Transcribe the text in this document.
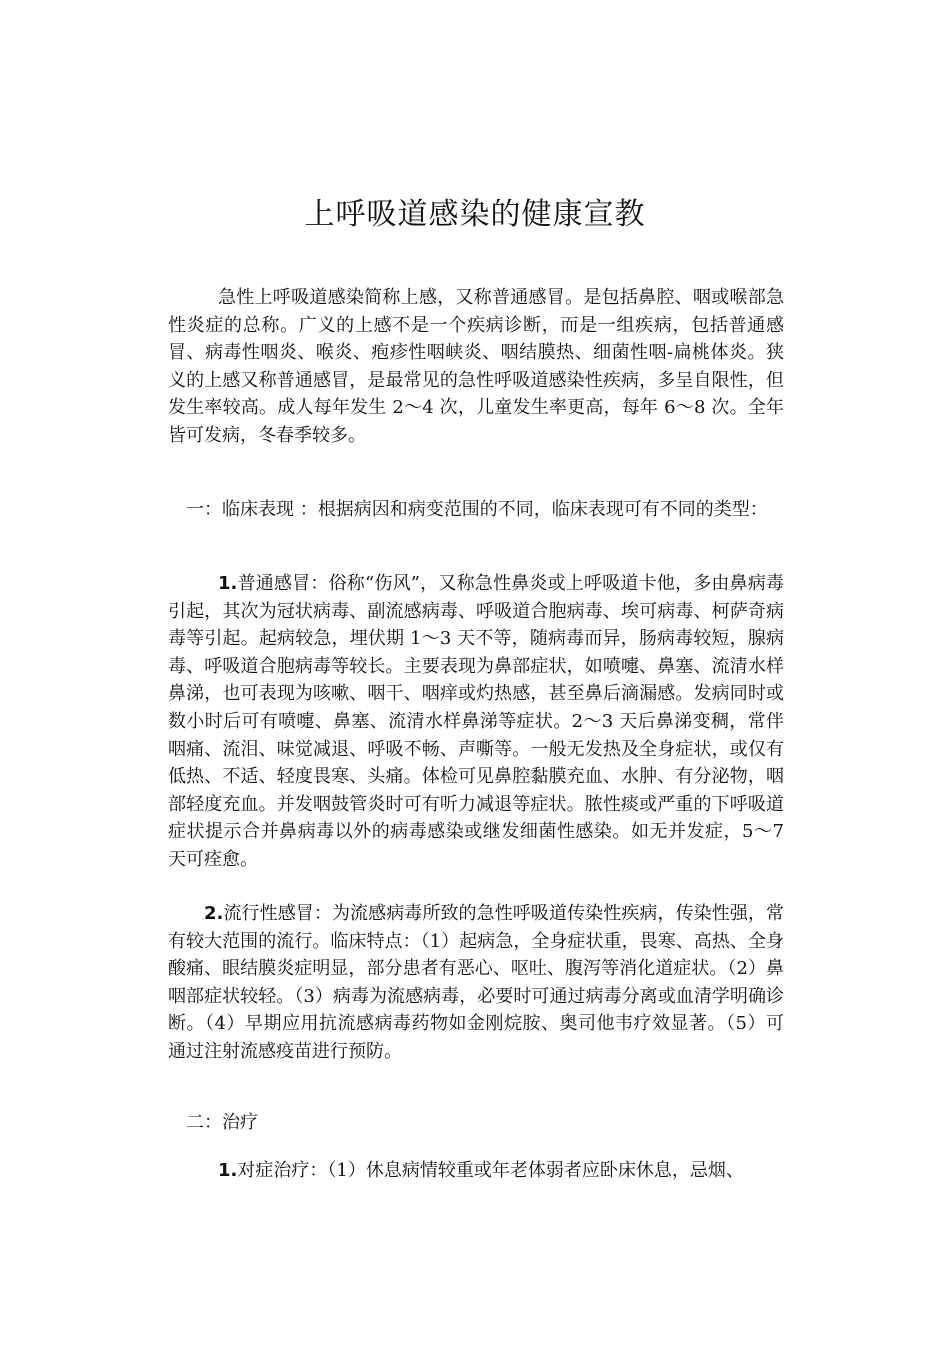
上呼吸道感染的健康宣教

急性上呼吸道感染简称上感，又称普通感冒。是包括鼻腔、咽或喉部急性炎症的总称。广义的上感不是一个疾病诊断，而是一组疾病，包括普通感冒、病毒性咽炎、喉炎、疱疹性咽峡炎、咽结膜热、细菌性咽-扁桃体炎。狭义的上感又称普通感冒，是最常见的急性呼吸道感染性疾病，多呈自限性，但发生率较高。成人每年发生 2～4 次，儿童发生率更高，每年 6～8 次。全年皆可发病，冬春季较多。

一：临床表现 ：根据病因和病变范围的不同，临床表现可有不同的类型：

1.普通感冒：俗称“伤风”，又称急性鼻炎或上呼吸道卡他，多由鼻病毒引起，其次为冠状病毒、副流感病毒、呼吸道合胞病毒、埃可病毒、柯萨奇病毒等引起。起病较急，埋伏期 1～3 天不等，随病毒而异，肠病毒较短，腺病毒、呼吸道合胞病毒等较长。主要表现为鼻部症状，如喷嚏、鼻塞、流清水样鼻涕，也可表现为咳嗽、咽干、咽痒或灼热感，甚至鼻后滴漏感。发病同时或数小时后可有喷嚏、鼻塞、流清水样鼻涕等症状。2～3 天后鼻涕变稠，常伴咽痛、流泪、味觉减退、呼吸不畅、声嘶等。一般无发热及全身症状，或仅有低热、不适、轻度畏寒、头痛。体检可见鼻腔黏膜充血、水肿、有分泌物，咽部轻度充血。并发咽鼓管炎时可有听力减退等症状。脓性痰或严重的下呼吸道症状提示合并鼻病毒以外的病毒感染或继发细菌性感染。如无并发症，5～7 天可痊愈。

2.流行性感冒：为流感病毒所致的急性呼吸道传染性疾病，传染性强，常有较大范围的流行。临床特点：（1）起病急，全身症状重，畏寒、高热、全身酸痛、眼结膜炎症明显，部分患者有恶心、呕吐、腹泻等消化道症状。（2）鼻咽部症状较轻。（3）病毒为流感病毒，必要时可通过病毒分离或血清学明确诊断。（4）早期应用抗流感病毒药物如金刚烷胺、奥司他韦疗效显著。（5）可通过注射流感疫苗进行预防。

二：治疗

1.对症治疗：（1）休息病情较重或年老体弱者应卧床休息，忌烟、
